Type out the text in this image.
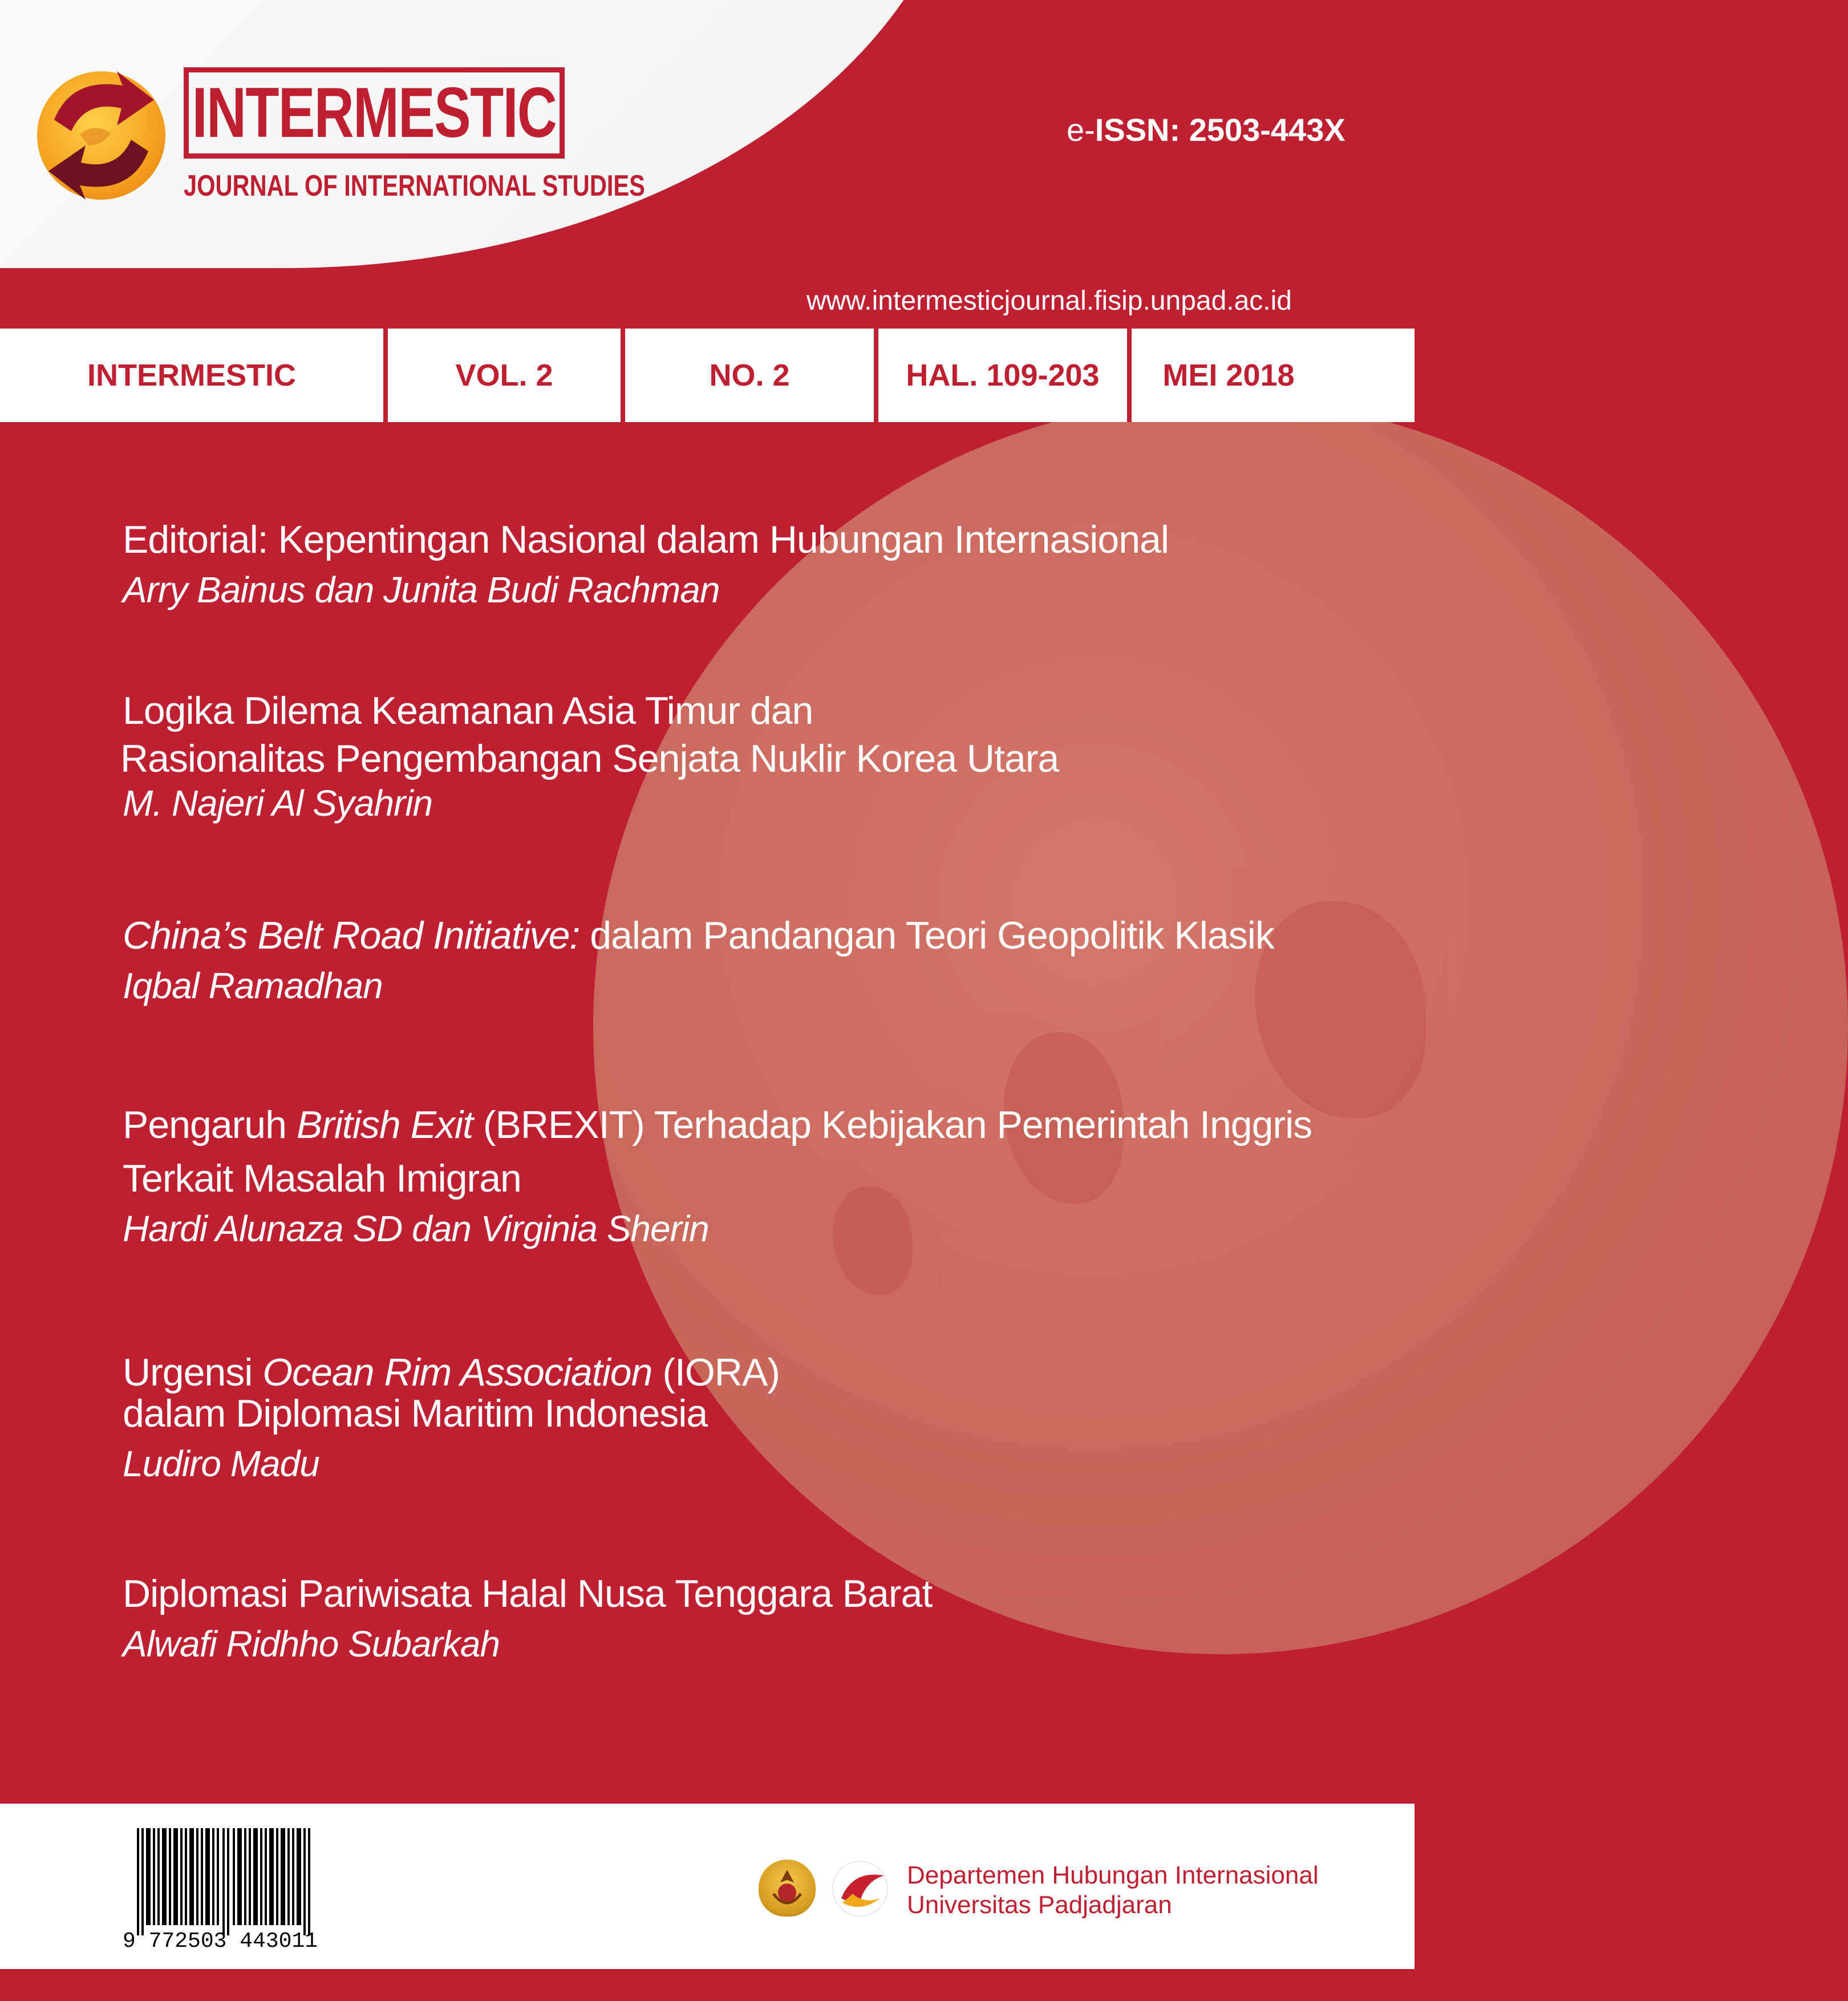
INTERMESTIC
JOURNAL OF INTERNATIONAL STUDIES
e-ISSN: 2503-443X
www.intermesticjournal.fisip.unpad.ac.id
INTERMESTIC	VOL. 2	NO. 2	HAL. 109-203	MEI 2018
Editorial: Kepentingan Nasional dalam Hubungan Internasional
Arry Bainus dan Junita Budi Rachman
Logika Dilema Keamanan Asia Timur dan
Rasionalitas Pengembangan Senjata Nuklir Korea Utara
M. Najeri Al Syahrin
China’s Belt Road Initiative: dalam Pandangan Teori Geopolitik Klasik
Iqbal Ramadhan
Pengaruh British Exit (BREXIT) Terhadap Kebijakan Pemerintah Inggris
Terkait Masalah Imigran
Hardi Alunaza SD dan Virginia Sherin
Urgensi Ocean Rim Association (IORA)
dalam Diplomasi Maritim Indonesia
Ludiro Madu
Diplomasi Pariwisata Halal Nusa Tenggara Barat
Alwafi Ridhho Subarkah
9 772503 443011
Departemen Hubungan Internasional
Universitas Padjadjaran
